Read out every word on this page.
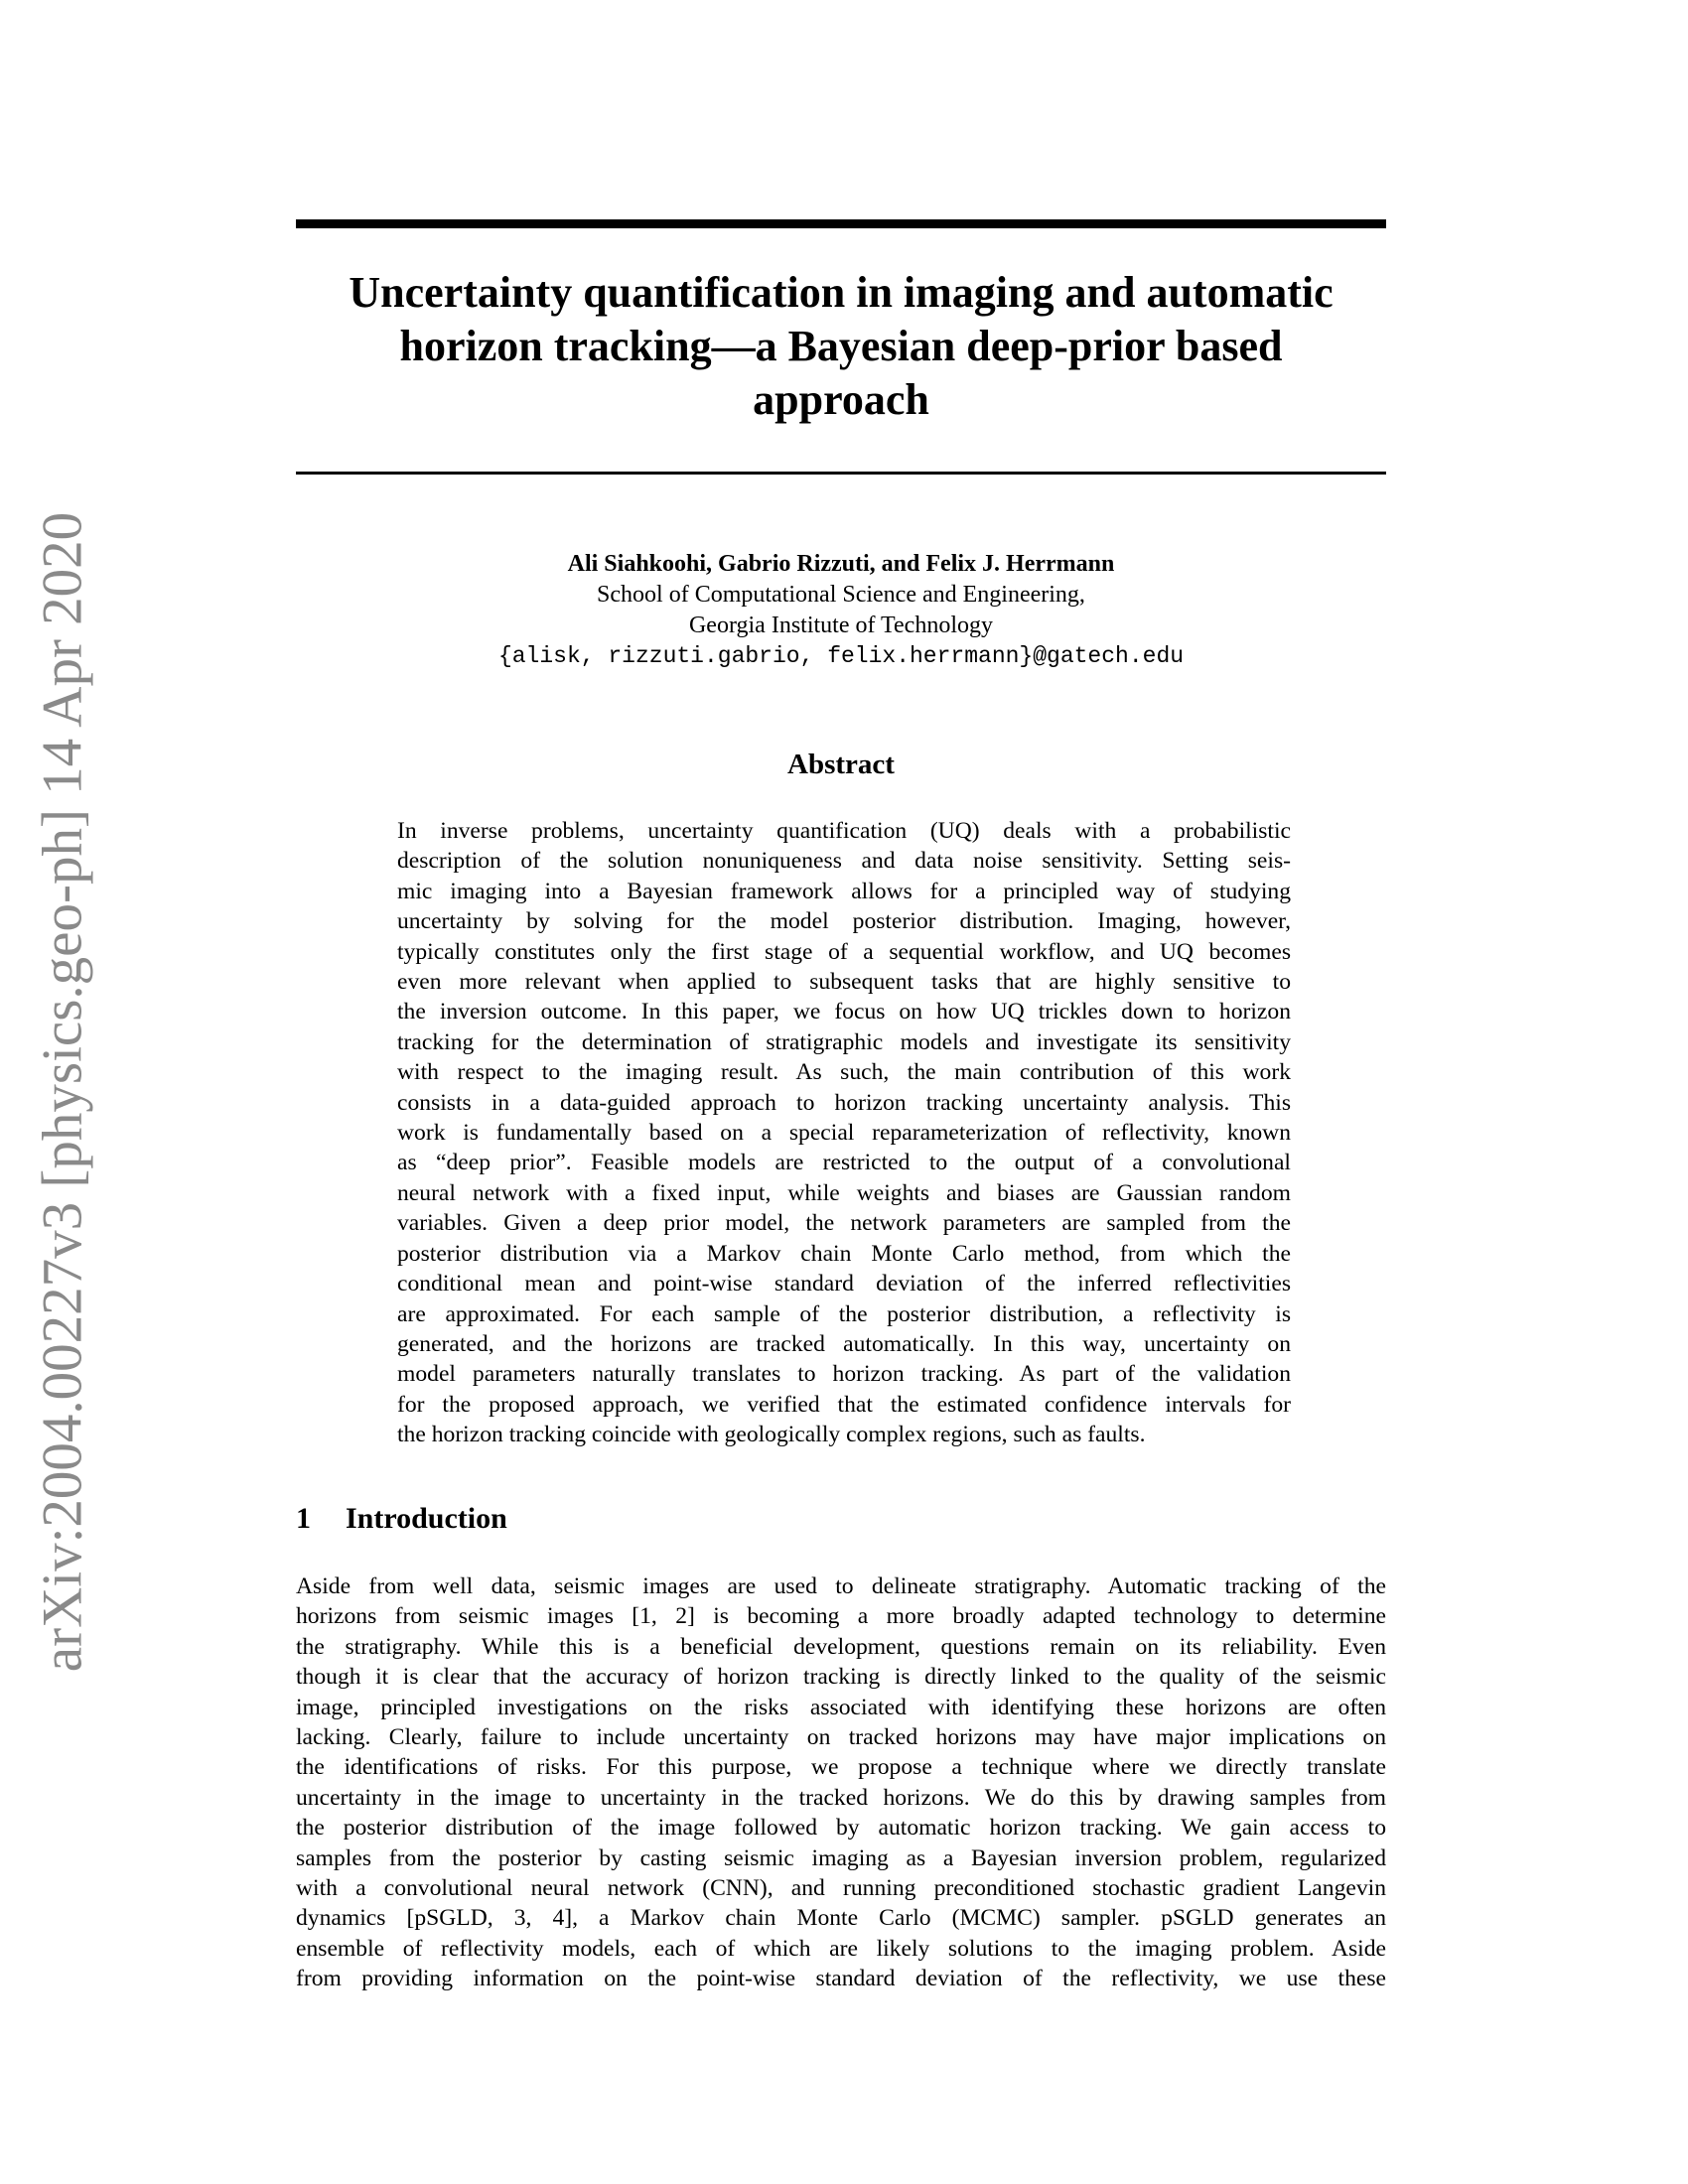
arXiv:2004.00227v3 [physics.geo-ph] 14 Apr 2020
Uncertainty quantification in imaging and automatic
horizon tracking—a Bayesian deep-prior based
approach
Ali Siahkoohi, Gabrio Rizzuti, and Felix J. Herrmann
School of Computational Science and Engineering,
Georgia Institute of Technology
{alisk, rizzuti.gabrio, felix.herrmann}@gatech.edu
Abstract
In inverse problems, uncertainty quantification (UQ) deals with a probabilistic
description of the solution nonuniqueness and data noise sensitivity. Setting seis-
mic imaging into a Bayesian framework allows for a principled way of studying
uncertainty by solving for the model posterior distribution. Imaging, however,
typically constitutes only the first stage of a sequential workflow, and UQ becomes
even more relevant when applied to subsequent tasks that are highly sensitive to
the inversion outcome. In this paper, we focus on how UQ trickles down to horizon
tracking for the determination of stratigraphic models and investigate its sensitivity
with respect to the imaging result. As such, the main contribution of this work
consists in a data-guided approach to horizon tracking uncertainty analysis. This
work is fundamentally based on a special reparameterization of reflectivity, known
as “deep prior”. Feasible models are restricted to the output of a convolutional
neural network with a fixed input, while weights and biases are Gaussian random
variables. Given a deep prior model, the network parameters are sampled from the
posterior distribution via a Markov chain Monte Carlo method, from which the
conditional mean and point-wise standard deviation of the inferred reflectivities
are approximated. For each sample of the posterior distribution, a reflectivity is
generated, and the horizons are tracked automatically. In this way, uncertainty on
model parameters naturally translates to horizon tracking. As part of the validation
for the proposed approach, we verified that the estimated confidence intervals for
the horizon tracking coincide with geologically complex regions, such as faults.
1 Introduction
Aside from well data, seismic images are used to delineate stratigraphy. Automatic tracking of the
horizons from seismic images [1, 2] is becoming a more broadly adapted technology to determine
the stratigraphy. While this is a beneficial development, questions remain on its reliability. Even
though it is clear that the accuracy of horizon tracking is directly linked to the quality of the seismic
image, principled investigations on the risks associated with identifying these horizons are often
lacking. Clearly, failure to include uncertainty on tracked horizons may have major implications on
the identifications of risks. For this purpose, we propose a technique where we directly translate
uncertainty in the image to uncertainty in the tracked horizons. We do this by drawing samples from
the posterior distribution of the image followed by automatic horizon tracking. We gain access to
samples from the posterior by casting seismic imaging as a Bayesian inversion problem, regularized
with a convolutional neural network (CNN), and running preconditioned stochastic gradient Langevin
dynamics [pSGLD, 3, 4], a Markov chain Monte Carlo (MCMC) sampler. pSGLD generates an
ensemble of reflectivity models, each of which are likely solutions to the imaging problem. Aside
from providing information on the point-wise standard deviation of the reflectivity, we use these
